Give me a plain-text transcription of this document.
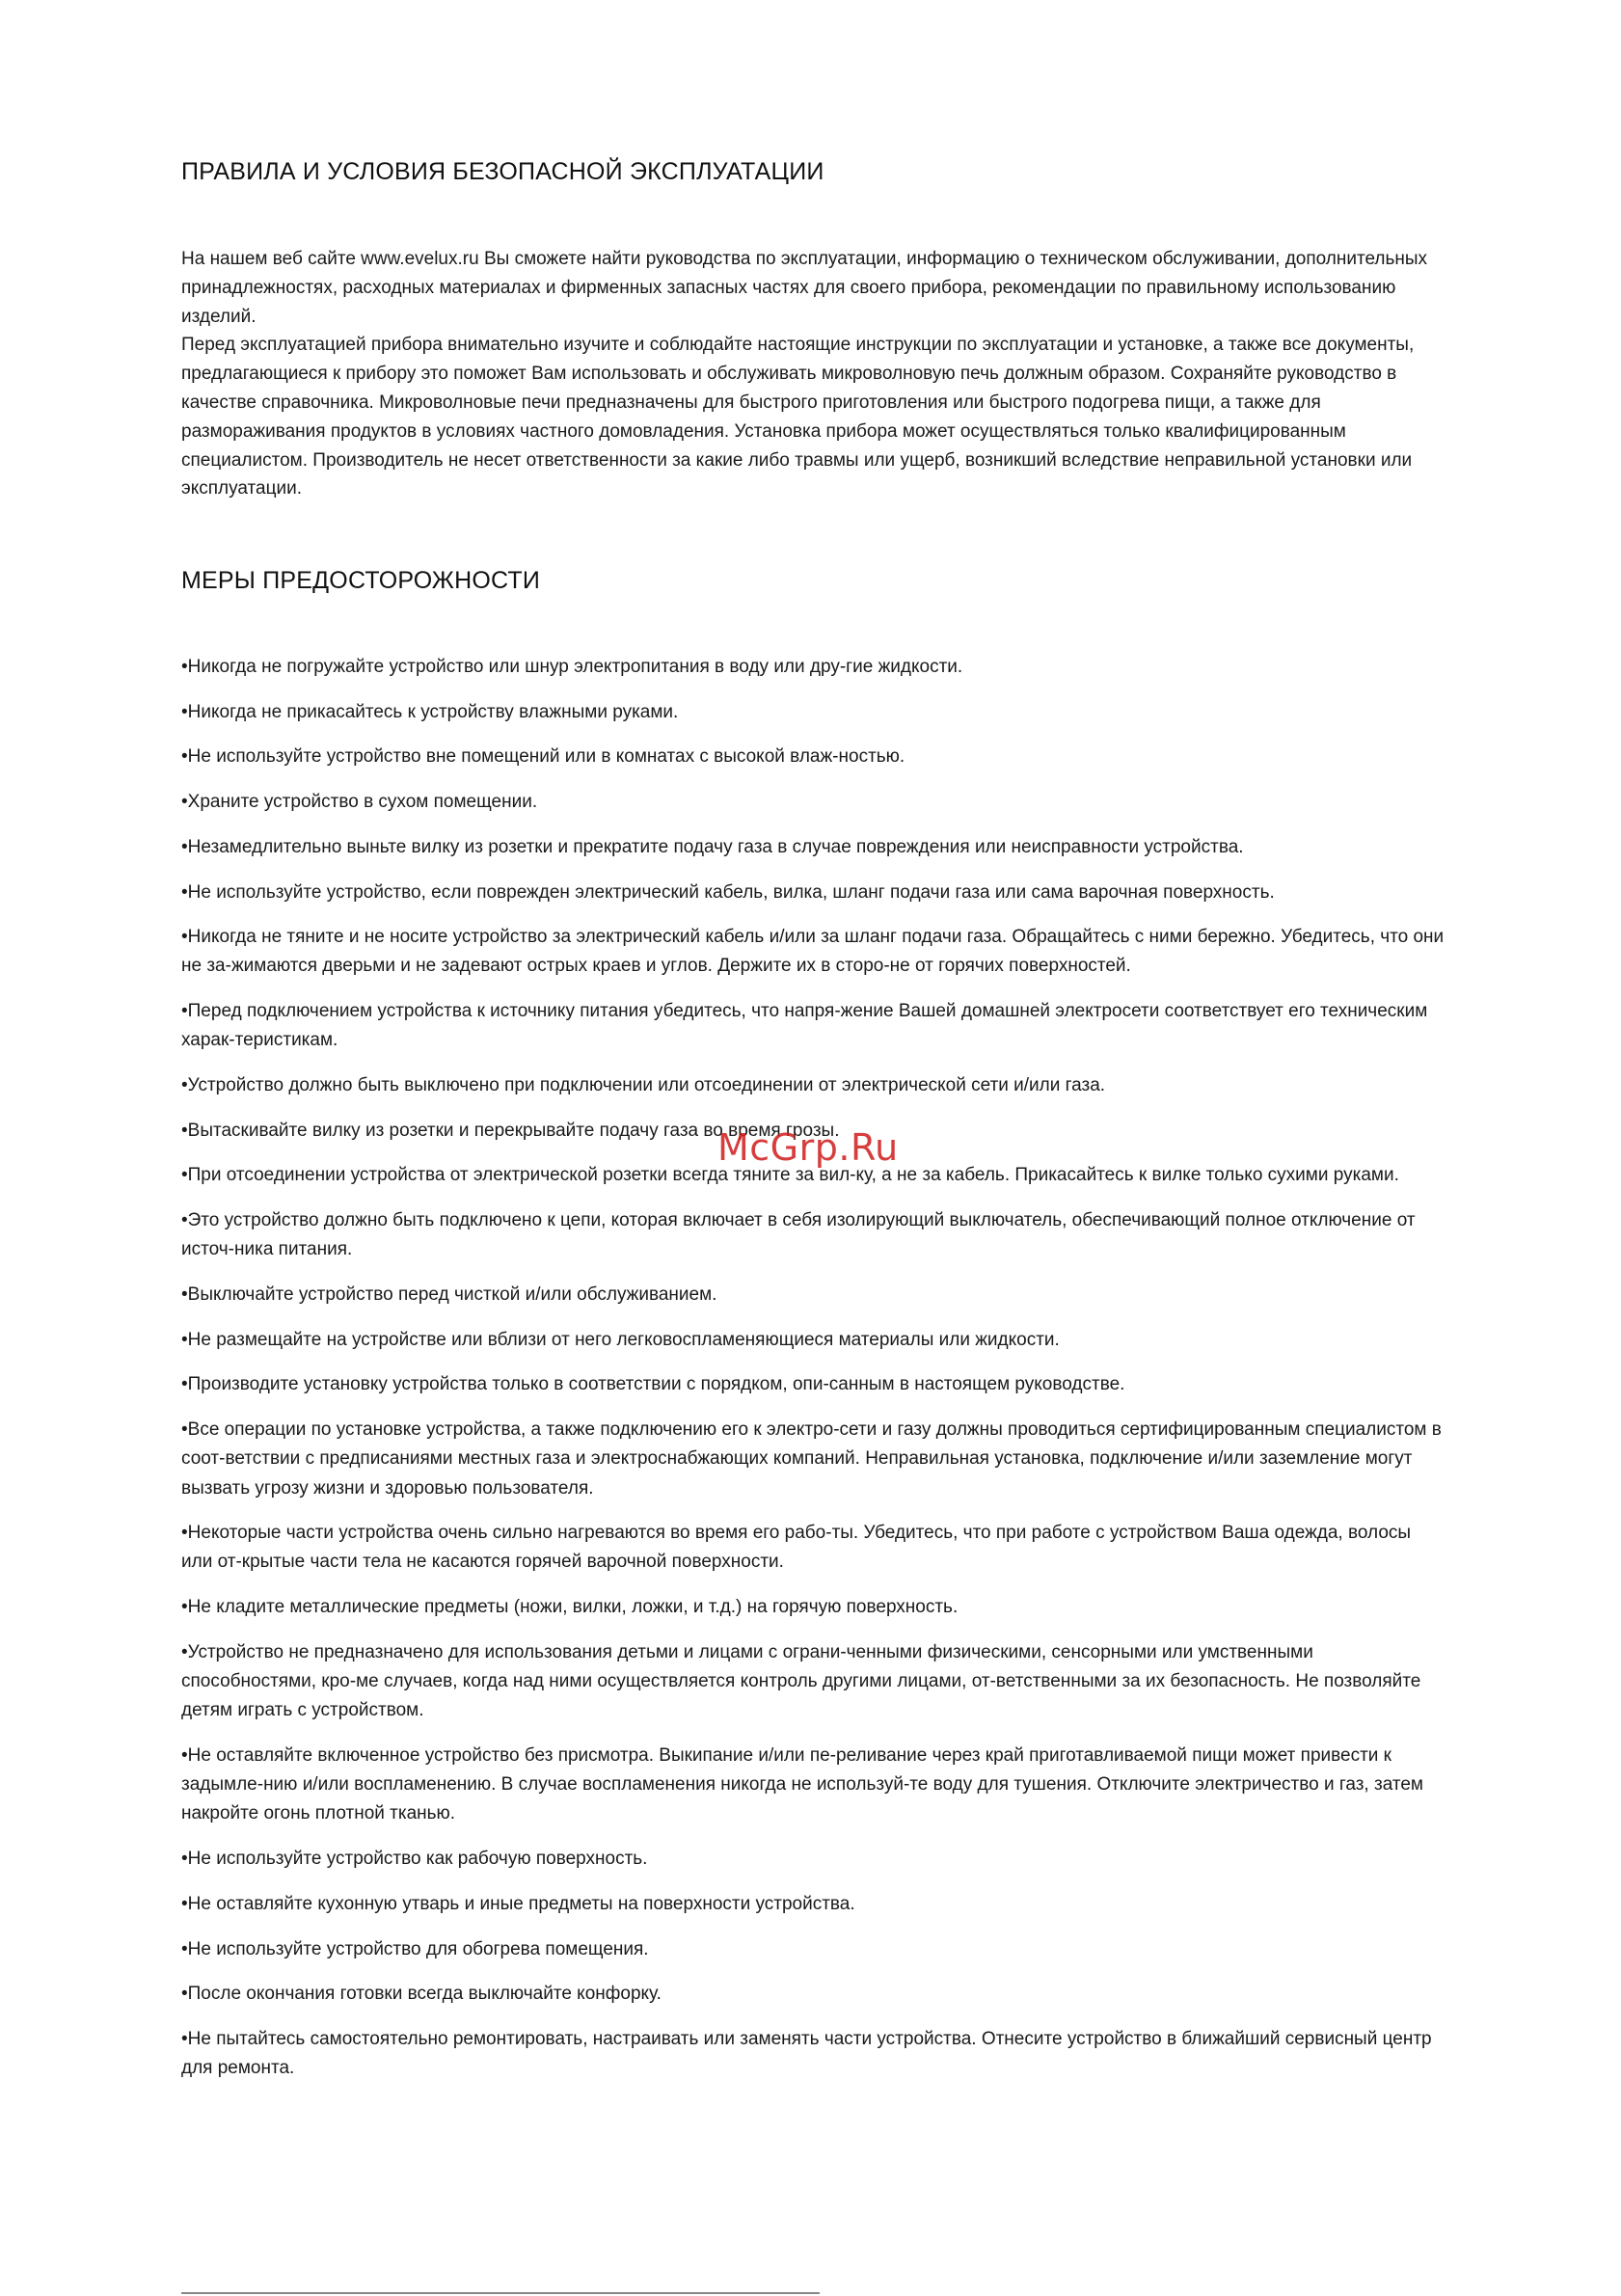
ПРАВИЛА И УСЛОВИЯ БЕЗОПАСНОЙ ЭКСПЛУАТАЦИИ

На нашем веб сайте www.evelux.ru Вы сможете найти руководства по эксплуатации, информацию о техническом обслуживании, дополнительных принадлежностях, расходных материалах и фирменных запасных частях для своего прибора, рекомендации по правильному использованию изделий.

Перед эксплуатацией прибора внимательно изучите и соблюдайте настоящие инструкции по эксплуатации и установке, а также все документы, предлагающиеся к прибору это поможет Вам использовать и обслуживать микроволновую печь должным образом. Сохраняйте руководство в качестве справочника. Микроволновые печи предназначены для быстрого приготовления или быстрого подогрева пищи, а также для размораживания продуктов в условиях частного домовладения. Установка прибора может осуществляться только квалифицированным специалистом. Производитель не несет ответственности за какие либо травмы или ущерб, возникший вследствие неправильной установки или эксплуатации.

МЕРЫ ПРЕДОСТОРОЖНОСТИ
•Никогда не погружайте устройство или шнур электропитания в воду или дру-гие жидкости.
•Никогда не прикасайтесь к устройству влажными руками.
•Не используйте устройство вне помещений или в комнатах с высокой влаж-ностью.
•Храните устройство в сухом помещении.
•Незамедлительно выньте вилку из розетки и прекратите подачу газа в случае повреждения или неисправности устройства.
•Не используйте устройство, если поврежден электрический кабель, вилка, шланг подачи газа или сама варочная поверхность.
•Никогда не тяните и не носите устройство за электрический кабель и/или за шланг подачи газа. Обращайтесь с ними бережно. Убедитесь, что они не за-жимаются дверьми и не задевают острых краев и углов. Держите их в сторо-не от горячих поверхностей.
•Перед подключением устройства к источнику питания убедитесь, что напря-жение Вашей домашней электросети соответствует его техническим харак-теристикам.
•Устройство должно быть выключено при подключении или отсоединении от электрической сети и/или газа.
•Вытаскивайте вилку из розетки и перекрывайте подачу газа во время грозы.
•При отсоединении устройства от электрической розетки всегда тяните за вил-ку, а не за кабель. Прикасайтесь к вилке только сухими руками.
•Это устройство должно быть подключено к цепи, которая включает в себя изолирующий выключатель, обеспечивающий полное отключение от источ-ника питания.
•Выключайте устройство перед чисткой и/или обслуживанием.
•Не размещайте на устройстве или вблизи от него легковоспламеняющиеся материалы или жидкости.
•Производите установку устройства только в соответствии с порядком, опи-санным в настоящем руководстве.
•Все операции по установке устройства, а также подключению его к электро-сети и газу должны проводиться сертифицированным специалистом в соот-ветствии с предписаниями местных газа и электроснабжающих компаний. Неправильная установка, подключение и/или заземление могут вызвать угрозу жизни и здоровью пользователя.
•Некоторые части устройства очень сильно нагреваются во время его рабо-ты. Убедитесь, что при работе с устройством Ваша одежда, волосы или от-крытые части тела не касаются горячей варочной поверхности.
•Не кладите металлические предметы (ножи, вилки, ложки, и т.д.) на горячую поверхность.
•Устройство не предназначено для использования детьми и лицами с ограни-ченными физическими, сенсорными или умственными способностями, кро-ме случаев, когда над ними осуществляется контроль другими лицами, от-ветственными за их безопасность. Не позволяйте детям играть с устройством.
•Не оставляйте включенное устройство без присмотра. Выкипание и/или пе-реливание через край приготавливаемой пищи может привести к задымле-нию и/или воспламенению. В случае воспламенения никогда не используй-те воду для тушения. Отключите электричество и газ, затем накройте огонь плотной тканью.
•Не используйте устройство как рабочую поверхность.
•Не оставляйте кухонную утварь и иные предметы на поверхности устройства.
•Не используйте устройство для обогрева помещения.
•После окончания готовки всегда выключайте конфорку.
•Не пытайтесь самостоятельно ремонтировать, настраивать или заменять части устройства. Отнесите устройство в ближайший сервисный центр для ремонта.
McGrp.Ru
